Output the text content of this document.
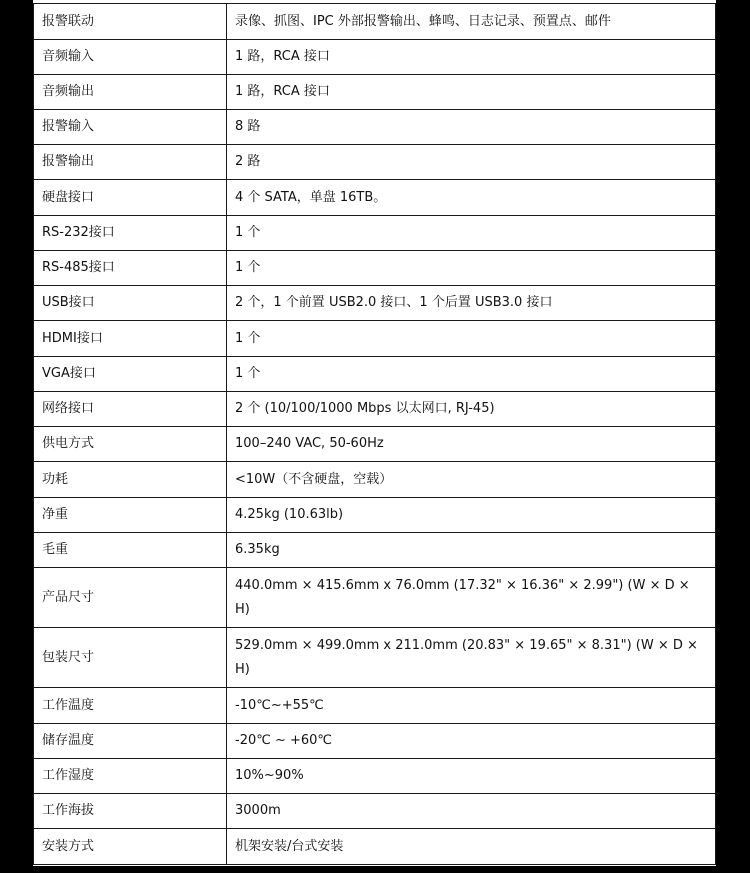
报警联动	录像、抓图、IPC 外部报警输出、蜂鸣、日志记录、预置点、邮件
音频输入	1 路，RCA 接口
音频输出	1 路，RCA 接口
报警输入	8 路
报警输出	2 路
硬盘接口	4 个 SATA，单盘 16TB。
RS-232接口	1 个
RS-485接口	1 个
USB接口	2 个，1 个前置 USB2.0 接口、1 个后置 USB3.0 接口
HDMI接口	1 个
VGA接口	1 个
网络接口	2 个 (10/100/1000 Mbps 以太网口, RJ-45)
供电方式	100–240 VAC, 50-60Hz
功耗	<10W（不含硬盘，空载）
净重	4.25kg (10.63lb)
毛重	6.35kg
产品尺寸	440.0mm × 415.6mm x 76.0mm (17.32" × 16.36" × 2.99") (W × D × H)
包装尺寸	529.0mm × 499.0mm x 211.0mm (20.83" × 19.65" × 8.31") (W × D × H)
工作温度	-10℃~+55℃
储存温度	-20℃ ~ +60℃
工作湿度	10%~90%
工作海拔	3000m
安装方式	机架安装/台式安装
